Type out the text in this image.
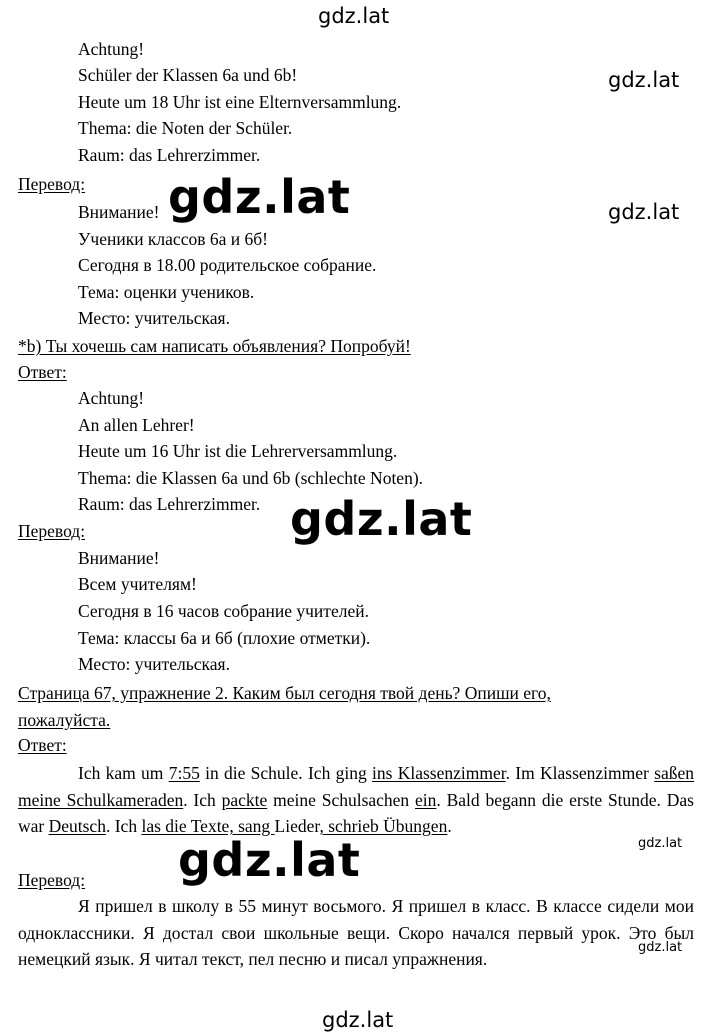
gdz.lat
gdz.lat
gdz.lat
Achtung!
Schüler der Klassen 6a und 6b!
Heute um 18 Uhr ist eine Elternversammlung.
Thema: die Noten der Schüler.
Raum: das Lehrerzimmer.
Перевод:
Внимание!
Ученики классов 6а и 6б!
Сегодня в 18.00 родительское собрание.
Тема: оценки учеников.
Место: учительская.
gdz.lat
*b) Ты хочешь сам написать объявления? Попробуй!
Ответ:
Achtung!
An allen Lehrer!
Heute um 16 Uhr ist die Lehrerversammlung.
Thema: die Klassen 6a und 6b (schlechte Noten).
Raum: das Lehrerzimmer.
Перевод:
Внимание!
Всем учителям!
Сегодня в 16 часов собрание учителей.
Тема: классы 6а и 6б (плохие отметки).
Место: учительская.
gdz.lat
Страница 67, упражнение 2. Каким был сегодня твой день? Опиши его,
пожалуйста.
Ответ:
Ich kam um 7:55 in die Schule. Ich ging ins Klassenzimmer. Im Klassenzimmer saßen meine Schulkameraden. Ich packte meine Schulsachen ein. Bald begann die erste Stunde. Das war Deutsch. Ich las die Texte, sang Lieder, schrieb Übungen.
gdz.lat
gdz.lat
Перевод:
Я пришел в школу в 55 минут восьмого. Я пришел в класс. В классе сидели мои одноклассники. Я достал свои школьные вещи. Скоро начался первый урок. Это был немецкий язык. Я читал текст, пел песню и писал упражнения.
gdz.lat
gdz.lat
